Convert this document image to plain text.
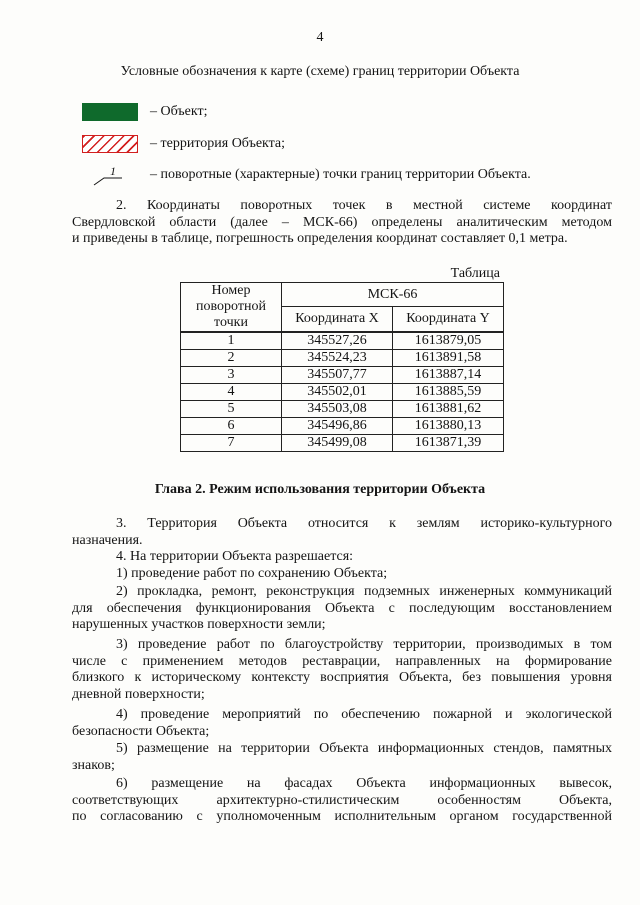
4
Условные обозначения к карте (схеме) границ территории Объекта
– Объект;
– территория Объекта;
1 – поворотные (характерные) точки границ территории Объекта.
2. Координаты поворотных точек в местной системе координат
Свердловской области (далее – МСК-66) определены аналитическим методом
и приведены в таблице, погрешность определения координат составляет 0,1 метра.
Таблица
Номер поворотной точки	МСК-66	
	Координата X	Координата Y
1	345527,26	1613879,05
2	345524,23	1613891,58
3	345507,77	1613887,14
4	345502,01	1613885,59
5	345503,08	1613881,62
6	345496,86	1613880,13
7	345499,08	1613871,39
Глава 2. Режим использования территории Объекта
3. Территория Объекта относится к землям историко-культурного
назначения.
4. На территории Объекта разрешается:
1) проведение работ по сохранению Объекта;
2) прокладка, ремонт, реконструкция подземных инженерных коммуникаций
для обеспечения функционирования Объекта с последующим восстановлением
нарушенных участков поверхности земли;
3) проведение работ по благоустройству территории, производимых в том
числе с применением методов реставрации, направленных на формирование
близкого к историческому контексту восприятия Объекта, без повышения уровня
дневной поверхности;
4) проведение мероприятий по обеспечению пожарной и экологической
безопасности Объекта;
5) размещение на территории Объекта информационных стендов, памятных
знаков;
6) размещение на фасадах Объекта информационных вывесок,
соответствующих архитектурно-стилистическим особенностям Объекта,
по согласованию с уполномоченным исполнительным органом государственной
